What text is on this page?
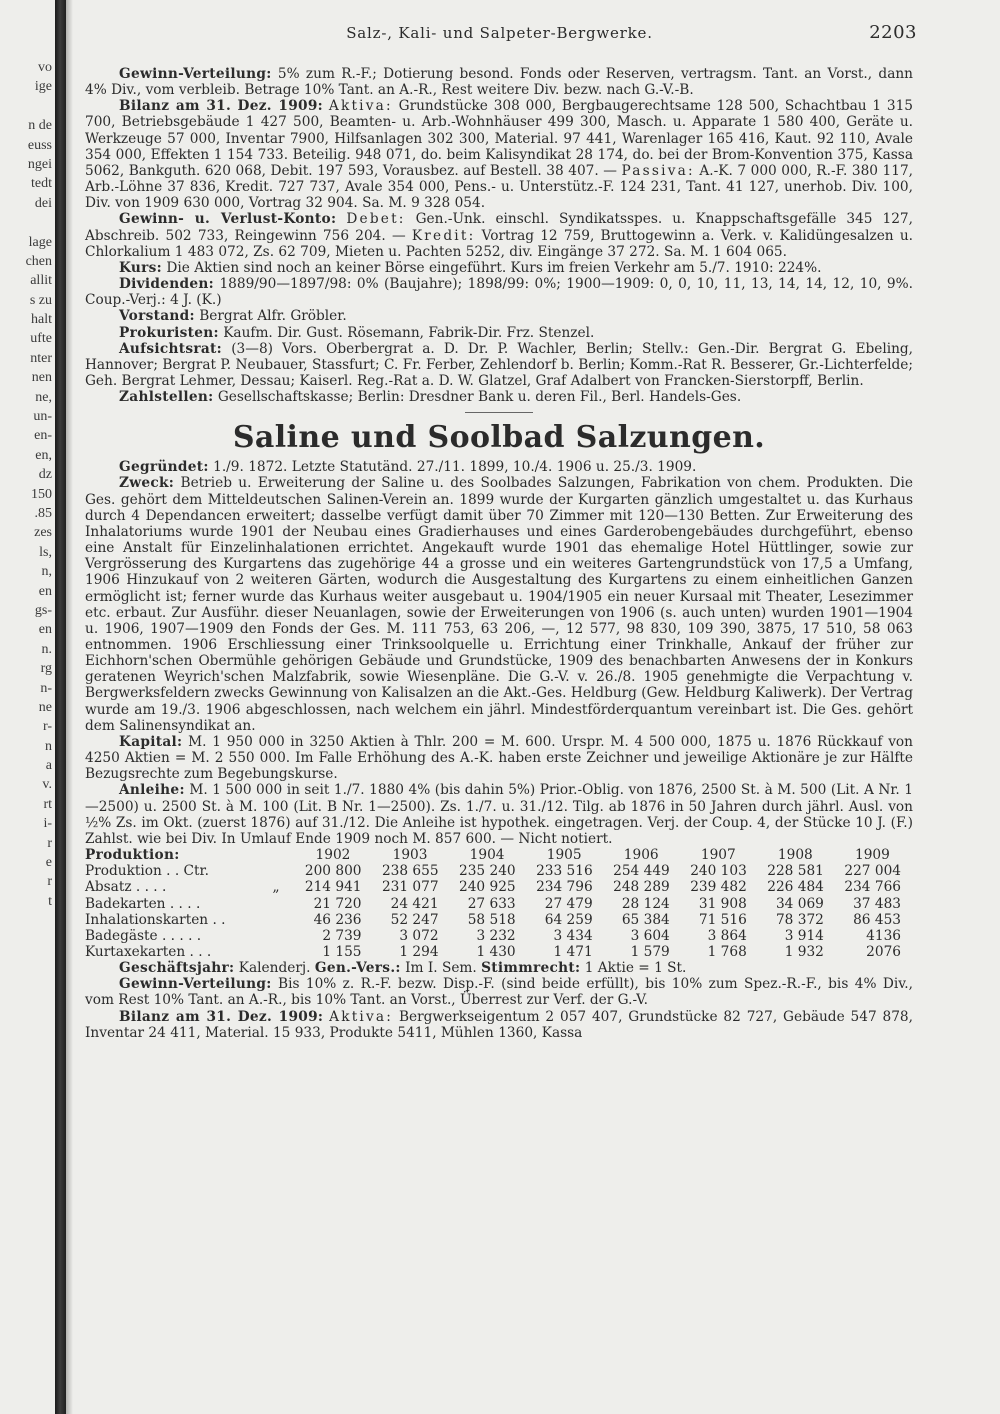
vo
ige
n de
euss
ngei
tedt
dei
lage
chen
allit
s zu
halt
ufte
nter
nen
ne,
un-
en-
en,
dz
150
.85
zes
ls,
n,
en
gs-
en
n.
rg
n-
ne
r-
n
a
v.
rt
i-
r
e
r
t
Salz-, Kali- und Salpeter-Bergwerke.	2203

Gewinn-Verteilung: 5% zum R.-F.; Dotierung besond. Fonds oder Reserven, vertragsm. Tant. an Vorst., dann 4% Div., vom verbleib. Betrage 10% Tant. an A.-R., Rest weitere Div. bezw. nach G.-V.-B.

Bilanz am 31. Dez. 1909: Aktiva: Grundstücke 308 000, Bergbaugerechtsame 128 500, Schachtbau 1 315 700, Betriebsgebäude 1 427 500, Beamten- u. Arb.-Wohnhäuser 499 300, Masch. u. Apparate 1 580 400, Geräte u. Werkzeuge 57 000, Inventar 7900, Hilfsanlagen 302 300, Material. 97 441, Warenlager 165 416, Kaut. 92 110, Avale 354 000, Effekten 1 154 733. Beteilig. 948 071, do. beim Kalisyndikat 28 174, do. bei der Brom-Konvention 375, Kassa 5062, Bankguth. 620 068, Debit. 197 593, Vorausbez. auf Bestell. 38 407. — Passiva: A.-K. 7 000 000, R.-F. 380 117, Arb.-Löhne 37 836, Kredit. 727 737, Avale 354 000, Pens.- u. Unterstütz.-F. 124 231, Tant. 41 127, unerhob. Div. 100, Div. von 1909 630 000, Vortrag 32 904. Sa. M. 9 328 054.

Gewinn- u. Verlust-Konto: Debet: Gen.-Unk. einschl. Syndikatsspes. u. Knappschaftsgefälle 345 127, Abschreib. 502 733, Reingewinn 756 204. — Kredit: Vortrag 12 759, Bruttogewinn a. Verk. v. Kalidüngesalzen u. Chlorkalium 1 483 072, Zs. 62 709, Mieten u. Pachten 5252, div. Eingänge 37 272. Sa. M. 1 604 065.

Kurs: Die Aktien sind noch an keiner Börse eingeführt. Kurs im freien Verkehr am 5./7. 1910: 224%.

Dividenden: 1889/90—1897/98: 0% (Baujahre); 1898/99: 0%; 1900—1909: 0, 0, 10, 11, 13, 14, 14, 12, 10, 9%. Coup.-Verj.: 4 J. (K.)

Vorstand: Bergrat Alfr. Gröbler.

Prokuristen: Kaufm. Dir. Gust. Rösemann, Fabrik-Dir. Frz. Stenzel.

Aufsichtsrat: (3—8) Vors. Oberbergrat a. D. Dr. P. Wachler, Berlin; Stellv.: Gen.-Dir. Bergrat G. Ebeling, Hannover; Bergrat P. Neubauer, Stassfurt; C. Fr. Ferber, Zehlendorf b. Berlin; Komm.-Rat R. Besserer, Gr.-Lichterfelde; Geh. Bergrat Lehmer, Dessau; Kaiserl. Reg.-Rat a. D. W. Glatzel, Graf Adalbert von Francken-Sierstorpff, Berlin.

Zahlstellen: Gesellschaftskasse; Berlin: Dresdner Bank u. deren Fil., Berl. Handels-Ges.

Saline und Soolbad Salzungen.

Gegründet: 1./9. 1872. Letzte Statutänd. 27./11. 1899, 10./4. 1906 u. 25./3. 1909.

Zweck: Betrieb u. Erweiterung der Saline u. des Soolbades Salzungen, Fabrikation von chem. Produkten. Die Ges. gehört dem Mitteldeutschen Salinen-Verein an. 1899 wurde der Kurgarten gänzlich umgestaltet u. das Kurhaus durch 4 Dependancen erweitert; dasselbe verfügt damit über 70 Zimmer mit 120—130 Betten. Zur Erweiterung des Inhalatoriums wurde 1901 der Neubau eines Gradierhauses und eines Garderobengebäudes durchgeführt, ebenso eine Anstalt für Einzelinhalationen errichtet. Angekauft wurde 1901 das ehemalige Hotel Hüttlinger, sowie zur Vergrösserung des Kurgartens das zugehörige 44 a grosse und ein weiteres Gartengrundstück von 17,5 a Umfang, 1906 Hinzukauf von 2 weiteren Gärten, wodurch die Ausgestaltung des Kurgartens zu einem einheitlichen Ganzen ermöglicht ist; ferner wurde das Kurhaus weiter ausgebaut u. 1904/1905 ein neuer Kursaal mit Theater, Lesezimmer etc. erbaut. Zur Ausführ. dieser Neuanlagen, sowie der Erweiterungen von 1906 (s. auch unten) wurden 1901—1904 u. 1906, 1907—1909 den Fonds der Ges. M. 111 753, 63 206, —, 12 577, 98 830, 109 390, 3875, 17 510, 58 063 entnommen. 1906 Erschliessung einer Trinksoolquelle u. Errichtung einer Trinkhalle, Ankauf der früher zur Eichhorn'schen Obermühle gehörigen Gebäude und Grundstücke, 1909 des benachbarten Anwesens der in Konkurs geratenen Weyrich'schen Malzfabrik, sowie Wiesenpläne. Die G.-V. v. 26./8. 1905 genehmigte die Verpachtung v. Bergwerksfeldern zwecks Gewinnung von Kalisalzen an die Akt.-Ges. Heldburg (Gew. Heldburg Kaliwerk). Der Vertrag wurde am 19./3. 1906 abgeschlossen, nach welchem ein jährl. Mindestförderquantum vereinbart ist. Die Ges. gehört dem Salinensyndikat an.

Kapital: M. 1 950 000 in 3250 Aktien à Thlr. 200 = M. 600. Urspr. M. 4 500 000, 1875 u. 1876 Rückkauf von 4250 Aktien = M. 2 550 000. Im Falle Erhöhung des A.-K. haben erste Zeichner und jeweilige Aktionäre je zur Hälfte Bezugsrechte zum Begebungskurse.

Anleihe: M. 1 500 000 in seit 1./7. 1880 4% (bis dahin 5%) Prior.-Oblig. von 1876, 2500 St. à M. 500 (Lit. A Nr. 1—2500) u. 2500 St. à M. 100 (Lit. B Nr. 1—2500). Zs. 1./7. u. 31./12. Tilg. ab 1876 in 50 Jahren durch jährl. Ausl. von ½% Zs. im Okt. (zuerst 1876) auf 31./12. Die Anleihe ist hypothek. eingetragen. Verj. der Coup. 4, der Stücke 10 J. (F.) Zahlst. wie bei Div. In Umlauf Ende 1909 noch M. 857 600. — Nicht notiert.

Produktion:		1902	1903	1904	1905	1906	1907	1908	1909
Produktion . . Ctr.		200 800	238 655	235 240	233 516	254 449	240 103	228 581	227 004
Absatz . . . .	„	214 941	231 077	240 925	234 796	248 289	239 482	226 484	234 766
Badekarten . . . .		21 720	24 421	27 633	27 479	28 124	31 908	34 069	37 483
Inhalationskarten . .		46 236	52 247	58 518	64 259	65 384	71 516	78 372	86 453
Badegäste . . . . .		2 739	3 072	3 232	3 434	3 604	3 864	3 914	4136
Kurtaxekarten . . .		1 155	1 294	1 430	1 471	1 579	1 768	1 932	2076

Geschäftsjahr: Kalenderj. Gen.-Vers.: Im I. Sem. Stimmrecht: 1 Aktie = 1 St.

Gewinn-Verteilung: Bis 10% z. R.-F. bezw. Disp.-F. (sind beide erfüllt), bis 10% zum Spez.-R.-F., bis 4% Div., vom Rest 10% Tant. an A.-R., bis 10% Tant. an Vorst., Überrest zur Verf. der G.-V.

Bilanz am 31. Dez. 1909: Aktiva: Bergwerkseigentum 2 057 407, Grundstücke 82 727, Gebäude 547 878, Inventar 24 411, Material. 15 933, Produkte 5411, Mühlen 1360, Kassa
